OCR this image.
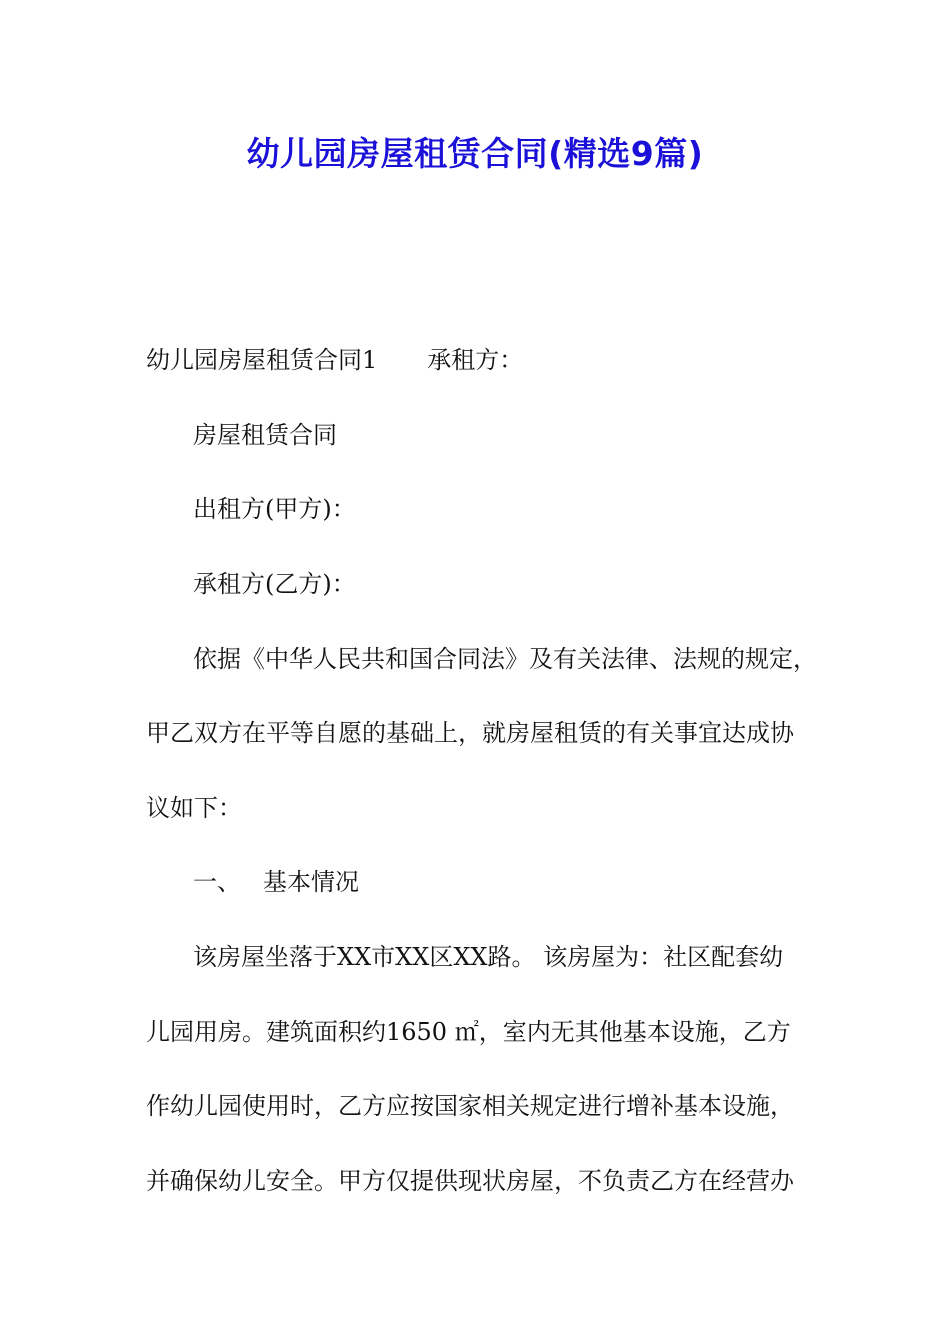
幼儿园房屋租赁合同(精选9篇)
幼儿园房屋租赁合同1 承租方：
房屋租赁合同
出租方(甲方)：
承租方(乙方)：
依据《中华人民共和国合同法》及有关法律、法规的规定，
甲乙双方在平等自愿的基础上，就房屋租赁的有关事宜达成协
议如下：
一、 基本情况
该房屋坐落于XX市XX区XX路。 该房屋为：社区配套幼
儿园用房。建筑面积约1650 ㎡，室内无其他基本设施，乙方
作幼儿园使用时，乙方应按国家相关规定进行增补基本设施，
并确保幼儿安全。甲方仅提供现状房屋，不负责乙方在经营办
